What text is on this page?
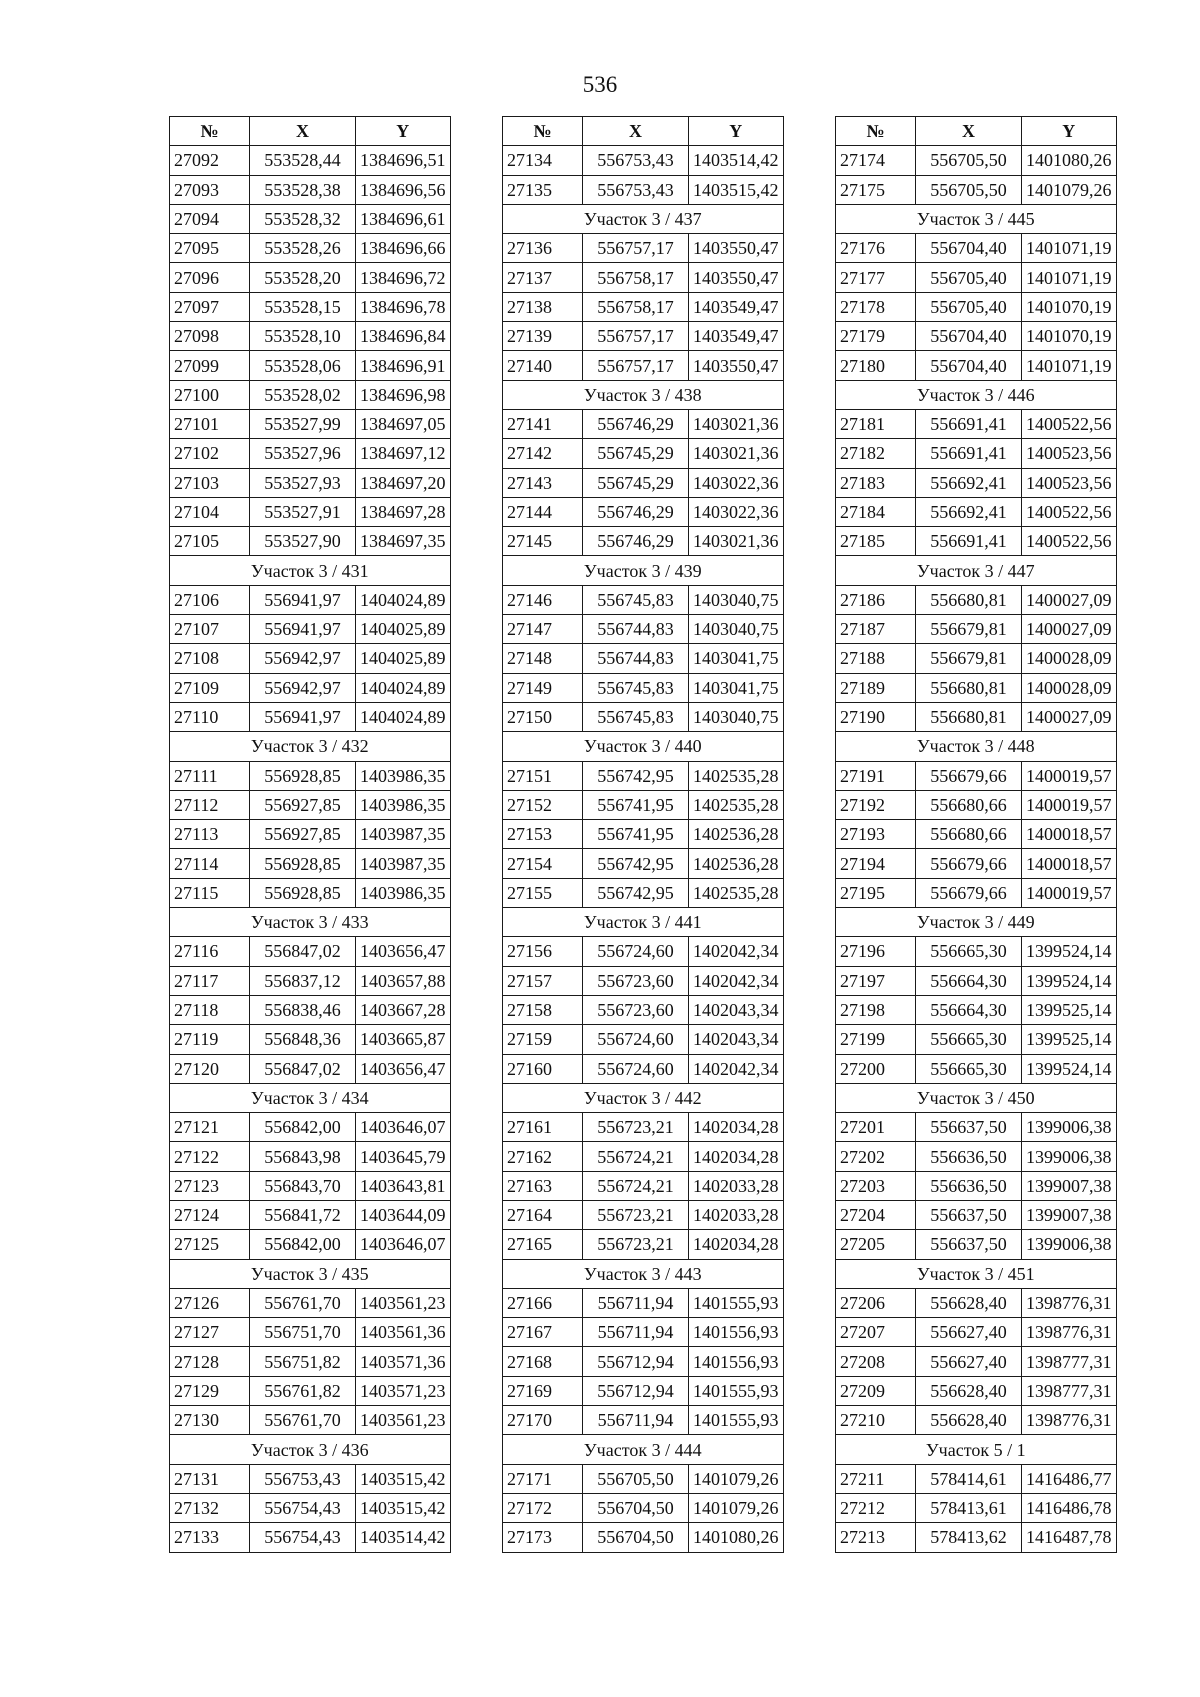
536
№	X	Y
27092	553528,44	1384696,51
27093	553528,38	1384696,56
27094	553528,32	1384696,61
27095	553528,26	1384696,66
27096	553528,20	1384696,72
27097	553528,15	1384696,78
27098	553528,10	1384696,84
27099	553528,06	1384696,91
27100	553528,02	1384696,98
27101	553527,99	1384697,05
27102	553527,96	1384697,12
27103	553527,93	1384697,20
27104	553527,91	1384697,28
27105	553527,90	1384697,35
Участок 3 / 431		
27106	556941,97	1404024,89
27107	556941,97	1404025,89
27108	556942,97	1404025,89
27109	556942,97	1404024,89
27110	556941,97	1404024,89
Участок 3 / 432		
27111	556928,85	1403986,35
27112	556927,85	1403986,35
27113	556927,85	1403987,35
27114	556928,85	1403987,35
27115	556928,85	1403986,35
Участок 3 / 433		
27116	556847,02	1403656,47
27117	556837,12	1403657,88
27118	556838,46	1403667,28
27119	556848,36	1403665,87
27120	556847,02	1403656,47
Участок 3 / 434		
27121	556842,00	1403646,07
27122	556843,98	1403645,79
27123	556843,70	1403643,81
27124	556841,72	1403644,09
27125	556842,00	1403646,07
Участок 3 / 435		
27126	556761,70	1403561,23
27127	556751,70	1403561,36
27128	556751,82	1403571,36
27129	556761,82	1403571,23
27130	556761,70	1403561,23
Участок 3 / 436		
27131	556753,43	1403515,42
27132	556754,43	1403515,42
27133	556754,43	1403514,42
№	X	Y
27134	556753,43	1403514,42
27135	556753,43	1403515,42
Участок 3 / 437		
27136	556757,17	1403550,47
27137	556758,17	1403550,47
27138	556758,17	1403549,47
27139	556757,17	1403549,47
27140	556757,17	1403550,47
Участок 3 / 438		
27141	556746,29	1403021,36
27142	556745,29	1403021,36
27143	556745,29	1403022,36
27144	556746,29	1403022,36
27145	556746,29	1403021,36
Участок 3 / 439		
27146	556745,83	1403040,75
27147	556744,83	1403040,75
27148	556744,83	1403041,75
27149	556745,83	1403041,75
27150	556745,83	1403040,75
Участок 3 / 440		
27151	556742,95	1402535,28
27152	556741,95	1402535,28
27153	556741,95	1402536,28
27154	556742,95	1402536,28
27155	556742,95	1402535,28
Участок 3 / 441		
27156	556724,60	1402042,34
27157	556723,60	1402042,34
27158	556723,60	1402043,34
27159	556724,60	1402043,34
27160	556724,60	1402042,34
Участок 3 / 442		
27161	556723,21	1402034,28
27162	556724,21	1402034,28
27163	556724,21	1402033,28
27164	556723,21	1402033,28
27165	556723,21	1402034,28
Участок 3 / 443		
27166	556711,94	1401555,93
27167	556711,94	1401556,93
27168	556712,94	1401556,93
27169	556712,94	1401555,93
27170	556711,94	1401555,93
Участок 3 / 444		
27171	556705,50	1401079,26
27172	556704,50	1401079,26
27173	556704,50	1401080,26
№	X	Y
27174	556705,50	1401080,26
27175	556705,50	1401079,26
Участок 3 / 445		
27176	556704,40	1401071,19
27177	556705,40	1401071,19
27178	556705,40	1401070,19
27179	556704,40	1401070,19
27180	556704,40	1401071,19
Участок 3 / 446		
27181	556691,41	1400522,56
27182	556691,41	1400523,56
27183	556692,41	1400523,56
27184	556692,41	1400522,56
27185	556691,41	1400522,56
Участок 3 / 447		
27186	556680,81	1400027,09
27187	556679,81	1400027,09
27188	556679,81	1400028,09
27189	556680,81	1400028,09
27190	556680,81	1400027,09
Участок 3 / 448		
27191	556679,66	1400019,57
27192	556680,66	1400019,57
27193	556680,66	1400018,57
27194	556679,66	1400018,57
27195	556679,66	1400019,57
Участок 3 / 449		
27196	556665,30	1399524,14
27197	556664,30	1399524,14
27198	556664,30	1399525,14
27199	556665,30	1399525,14
27200	556665,30	1399524,14
Участок 3 / 450		
27201	556637,50	1399006,38
27202	556636,50	1399006,38
27203	556636,50	1399007,38
27204	556637,50	1399007,38
27205	556637,50	1399006,38
Участок 3 / 451		
27206	556628,40	1398776,31
27207	556627,40	1398776,31
27208	556627,40	1398777,31
27209	556628,40	1398777,31
27210	556628,40	1398776,31
Участок 5 / 1		
27211	578414,61	1416486,77
27212	578413,61	1416486,78
27213	578413,62	1416487,78
